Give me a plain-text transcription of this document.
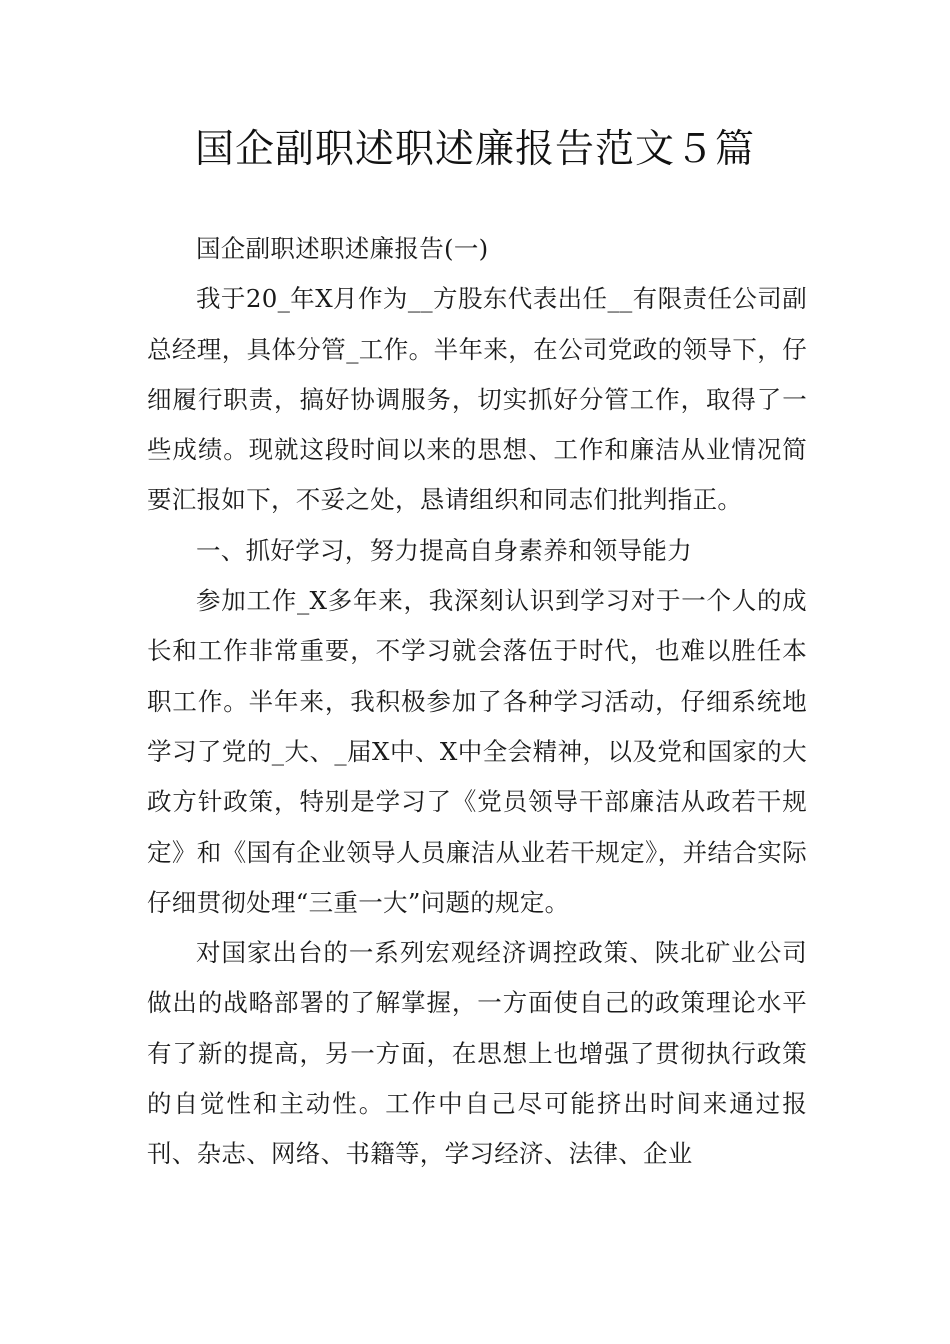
国企副职述职述廉报告范文５篇

国企副职述职述廉报告(一)

我于20_年X月作为__方股东代表出任__有限责任公司副总经理，具体分管_工作。半年来，在公司党政的领导下，仔细履行职责，搞好协调服务，切实抓好分管工作，取得了一些成绩。现就这段时间以来的思想、工作和廉洁从业情况简要汇报如下，不妥之处，恳请组织和同志们批判指正。

一、抓好学习，努力提高自身素养和领导能力

参加工作_X多年来，我深刻认识到学习对于一个人的成长和工作非常重要，不学习就会落伍于时代，也难以胜任本职工作。半年来，我积极参加了各种学习活动，仔细系统地学习了党的_大、_届X中、X中全会精神，以及党和国家的大政方针政策，特别是学习了《党员领导干部廉洁从政若干规定》和《国有企业领导人员廉洁从业若干规定》，并结合实际仔细贯彻处理“三重一大”问题的规定。

对国家出台的一系列宏观经济调控政策、陕北矿业公司做出的战略部署的了解掌握，一方面使自己的政策理论水平有了新的提高，另一方面，在思想上也增强了贯彻执行政策的自觉性和主动性。工作中自己尽可能挤出时间来通过报刊、杂志、网络、书籍等，学习经济、法律、企业
